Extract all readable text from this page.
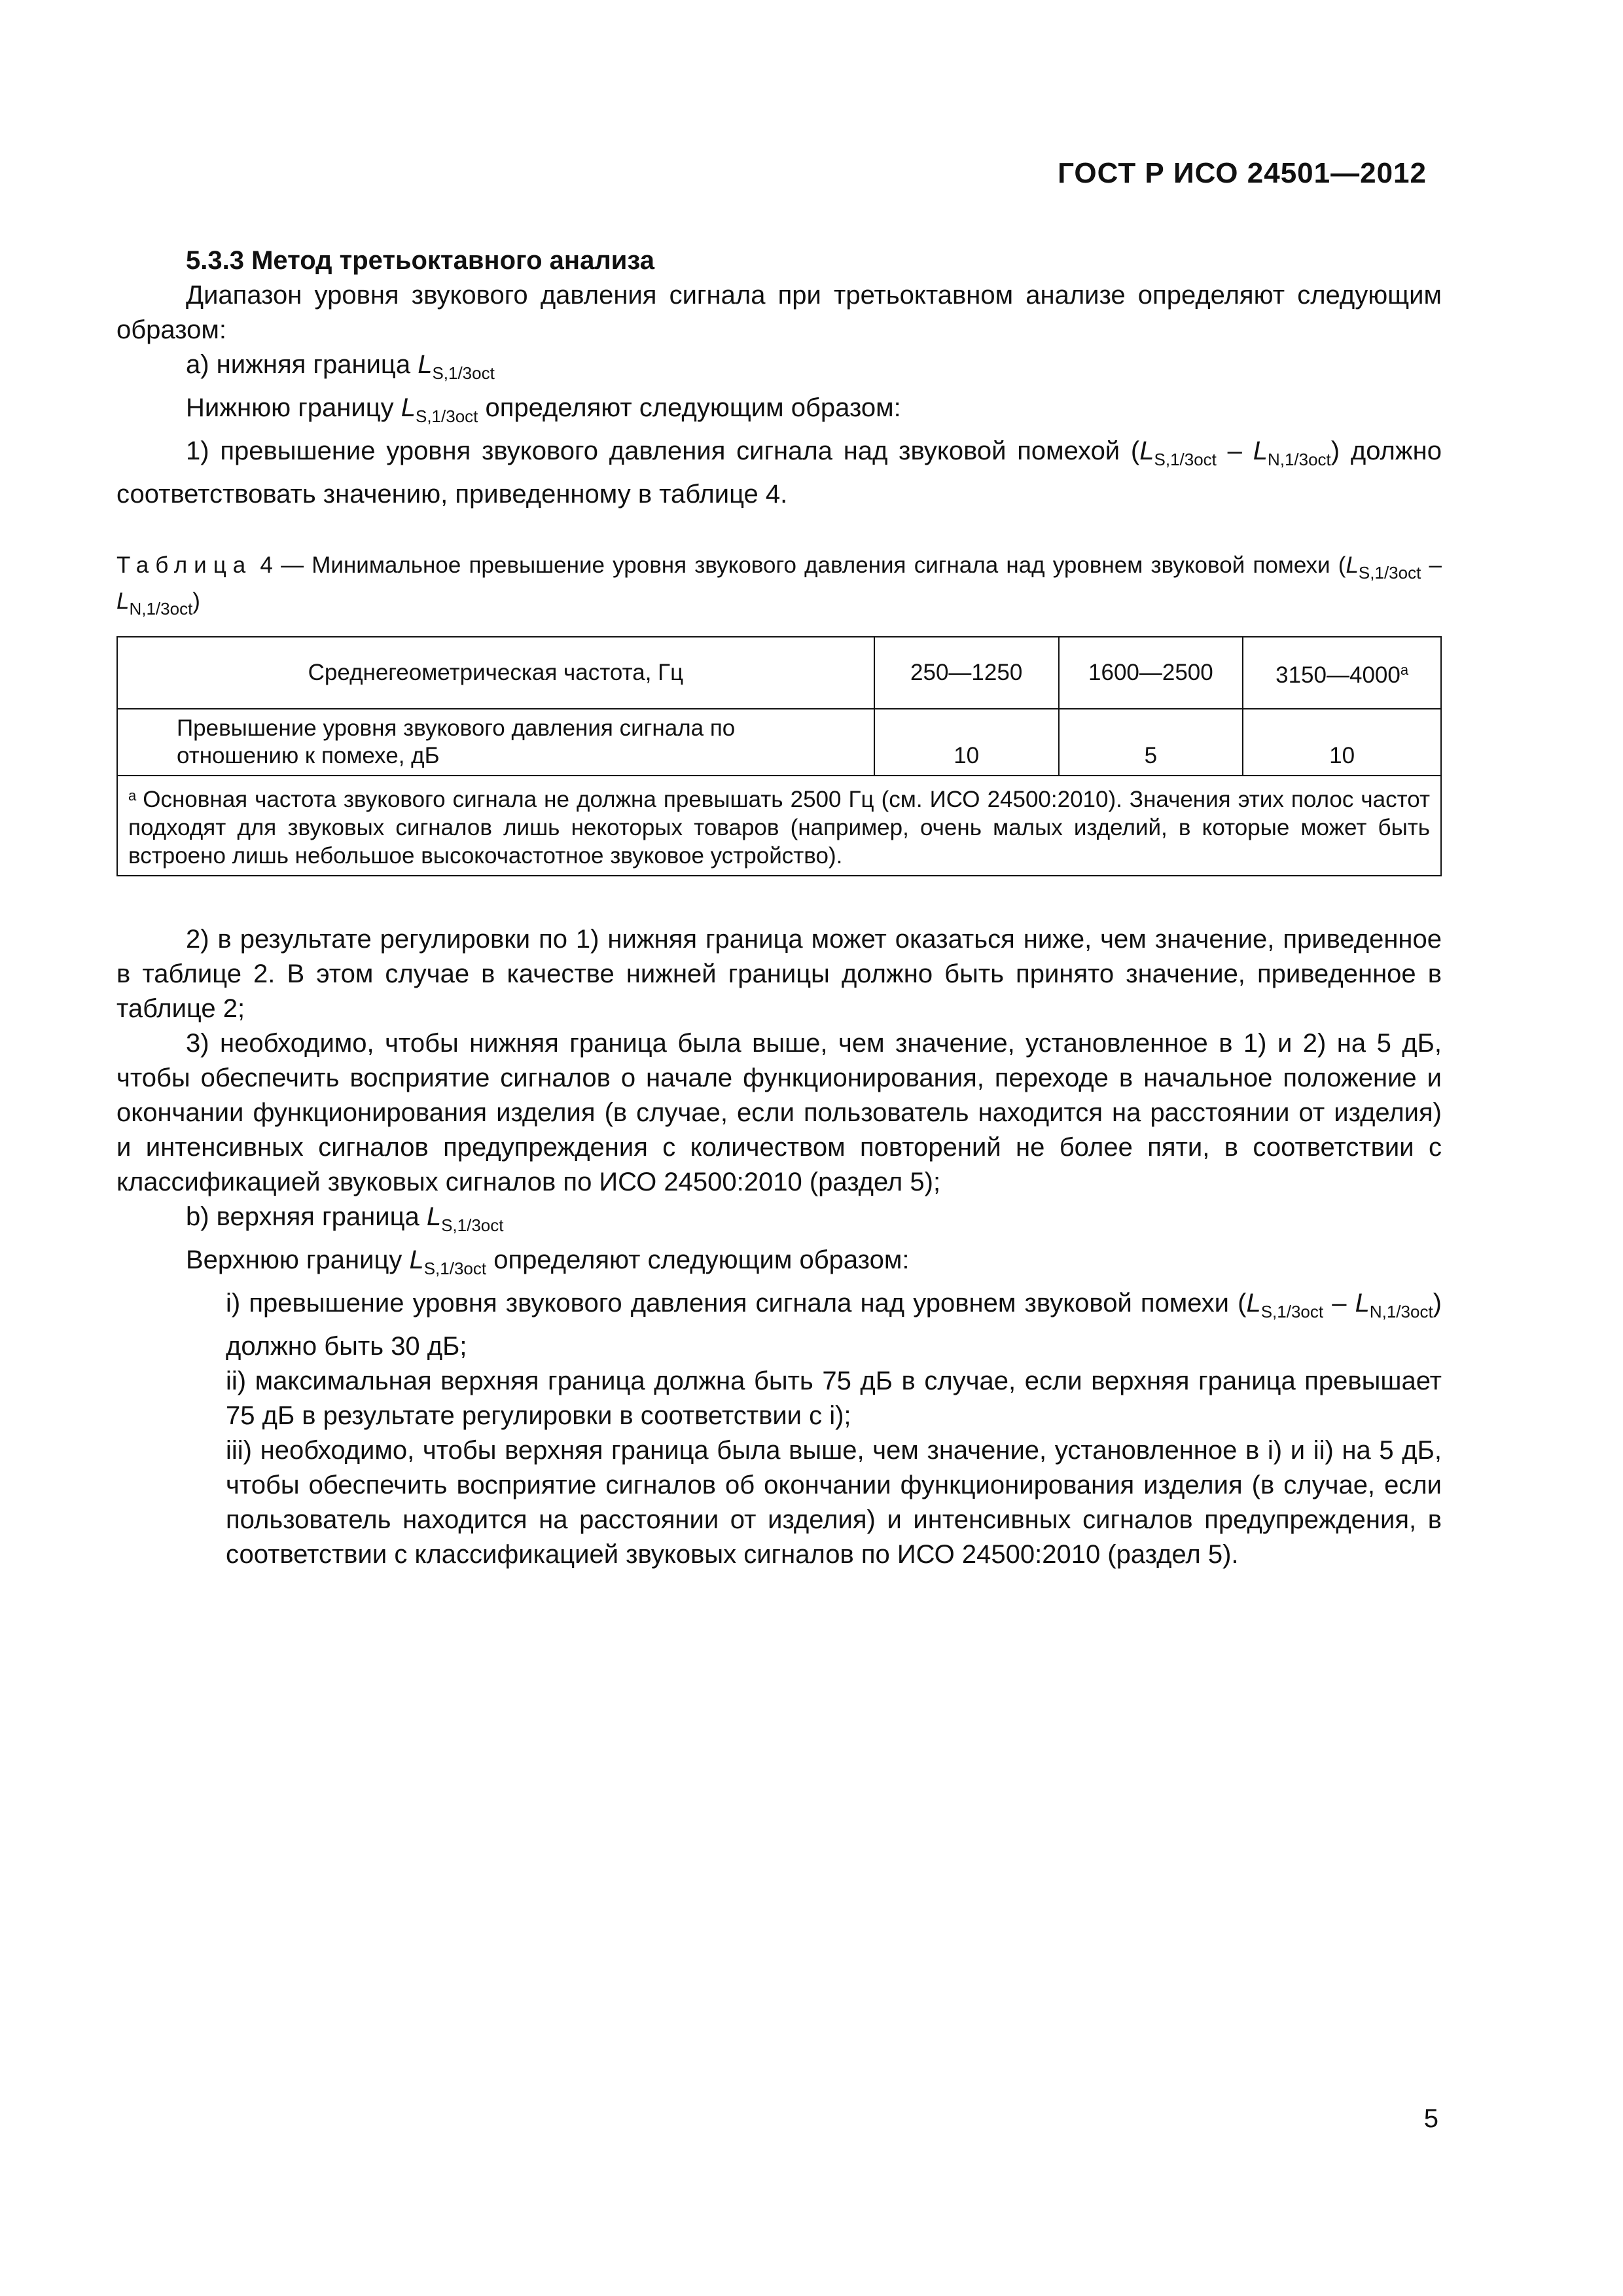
ГОСТ Р ИСО 24501—2012

5.3.3 Метод третьоктавного анализа

Диапазон уровня звукового давления сигнала при третьоктавном анализе определяют следующим образом:

а) нижняя граница $L_{S,1/3oct}$

Нижнюю границу $L_{S,1/3oct}$ определяют следующим образом:

1) превышение уровня звукового давления сигнала над звуковой помехой $(L_{S,1/3oct} - L_{N,1/3oct})$ должно соответствовать значению, приведенному в таблице 4.

Таблица 4 — Минимальное превышение уровня звукового давления сигнала над уровнем звуковой помехи $(L_{S,1/3oct} - L_{N,1/3oct})$

Среднегеометрическая частота, Гц	250—1250	1600—2500	3150—4000$^a$
Превышение уровня звукового давления сигнала по отношению к помехе, дБ	10	5	10
$^a$ Основная частота звукового сигнала не должна превышать 2500 Гц (см. ИСО 24500:2010). Значения этих полос частот подходят для звуковых сигналов лишь некоторых товаров (например, очень малых изделий, в которые может быть встроено лишь небольшое высокочастотное звуковое устройство).			

2) в результате регулировки по 1) нижняя граница может оказаться ниже, чем значение, приведенное в таблице 2. В этом случае в качестве нижней границы должно быть принято значение, приведенное в таблице 2;

3) необходимо, чтобы нижняя граница была выше, чем значение, установленное в 1) и 2) на 5 дБ, чтобы обеспечить восприятие сигналов о начале функционирования, переходе в начальное положение и окончании функционирования изделия (в случае, если пользователь находится на расстоянии от изделия) и интенсивных сигналов предупреждения с количеством повторений не более пяти, в соответствии с классификацией звуковых сигналов по ИСО 24500:2010 (раздел 5);

b) верхняя граница $L_{S,1/3oct}$

Верхнюю границу $L_{S,1/3oct}$ определяют следующим образом:

i) превышение уровня звукового давления сигнала над уровнем звуковой помехи $(L_{S,1/3oct} - L_{N,1/3oct})$ должно быть 30 дБ;

ii) максимальная верхняя граница должна быть 75 дБ в случае, если верхняя граница превышает 75 дБ в результате регулировки в соответствии с i);

iii) необходимо, чтобы верхняя граница была выше, чем значение, установленное в i) и ii) на 5 дБ, чтобы обеспечить восприятие сигналов об окончании функционирования изделия (в случае, если пользователь находится на расстоянии от изделия) и интенсивных сигналов предупреждения, в соответствии с классификацией звуковых сигналов по ИСО 24500:2010 (раздел 5).

5
